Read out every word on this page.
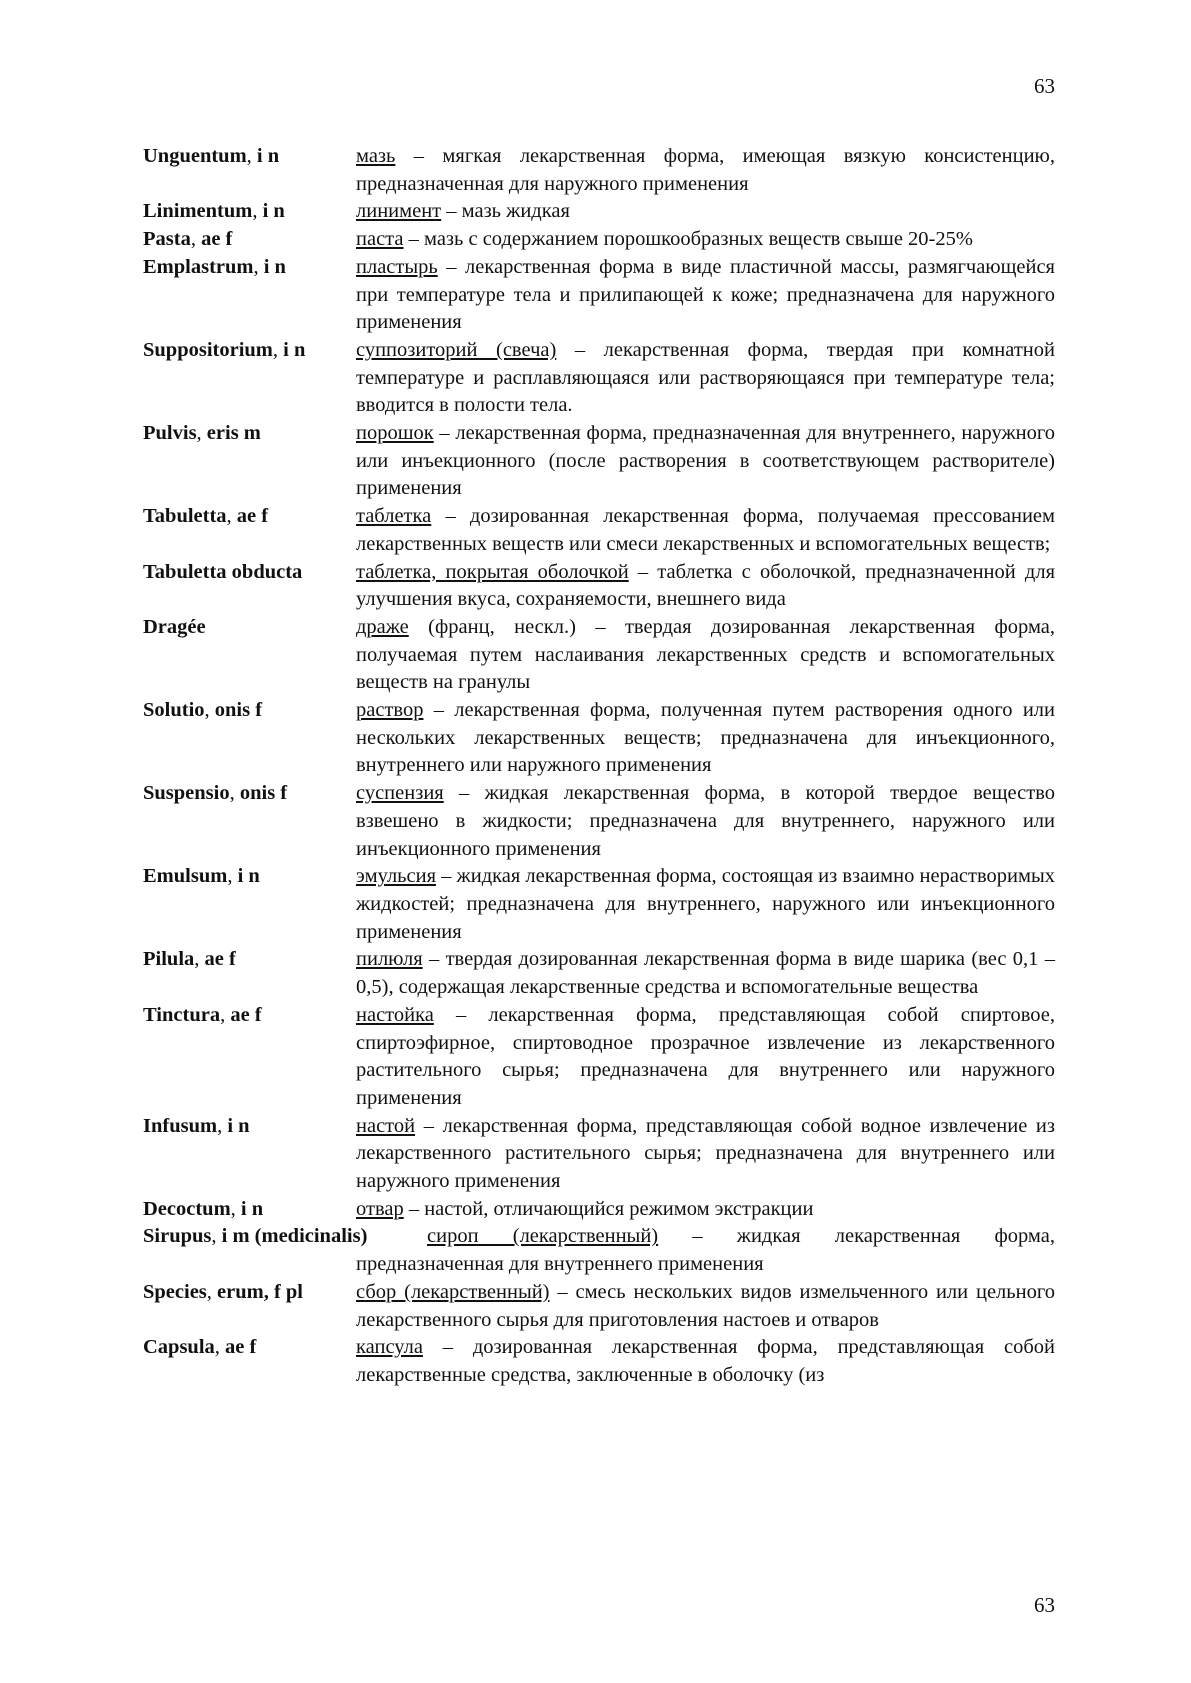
63
Unguentum, i n	мазь – мягкая лекарственная форма, имеющая вязкую консистенцию, предназначенная для наружного применения
Linimentum, i n	линимент – мазь жидкая
Pasta, ae f	паста – мазь с содержанием порошкообразных веществ свыше 20-25%
Emplastrum, i n	пластырь – лекарственная форма в виде пластичной массы, размягчающейся при температуре тела и прилипающей к коже; предназначена для наружного применения
Suppositorium, i n суппозиторий (свеча) – лекарственная форма, твердая при комнатной температуре и расплавляющаяся или растворяющаяся при температуре тела; вводится в полости тела.
Pulvis, eris m	порошок – лекарственная форма, предназначенная для внутреннего, наружного или инъекционного (после растворения в соответствующем растворителе) применения
Tabuletta, ae f	таблетка – дозированная лекарственная форма, получаемая прессованием лекарственных веществ или смеси лекарственных и вспомогательных веществ;
Tabuletta obducta	таблетка, покрытая оболочкой – таблетка с оболочкой, предназначенной для улучшения вкуса, сохраняемости, внешнего вида
Dragée	драже (франц, нескл.) – твердая дозированная лекарственная форма, получаемая путем наслаивания лекарственных средств и вспомогательных веществ на гранулы
Solutio, onis f	раствор – лекарственная форма, полученная путем растворения одного или нескольких лекарственных веществ; предназначена для инъекционного, внутреннего или наружного применения
Suspensio, onis f	суспензия – жидкая лекарственная форма, в которой твердое вещество взвешено в жидкости; предназначена для внутреннего, наружного или инъекционного применения
Emulsum, i n	эмульсия – жидкая лекарственная форма, состоящая из взаимно нерастворимых жидкостей; предназначена для внутреннего, наружного или инъекционного применения
Pilula, ae f	пилюля – твердая дозированная лекарственная форма в виде шарика (вес 0,1 – 0,5), содержащая лекарственные средства и вспомогательные вещества
Tinctura, ae f	настойка – лекарственная форма, представляющая собой спиртовое, спиртоэфирное, спиртоводное прозрачное извлечение из лекарственного растительного сырья; предназначена для внутреннего или наружного применения
Infusum, i n	настой – лекарственная форма, представляющая собой водное извлечение из лекарственного растительного сырья; предназначена для внутреннего или наружного применения
Decoctum, i n	отвар – настой, отличающийся режимом экстракции
Sirupus, i m (medicinalis)	сироп (лекарственный) – жидкая лекарственная форма, предназначенная для внутреннего применения
Species, erum, f pl	сбор (лекарственный) – смесь нескольких видов измельченного или цельного лекарственного сырья для приготовления настоев и отваров
Capsula, ae f	капсула – дозированная лекарственная форма, представляющая собой лекарственные средства, заключенные в оболочку (из
63
